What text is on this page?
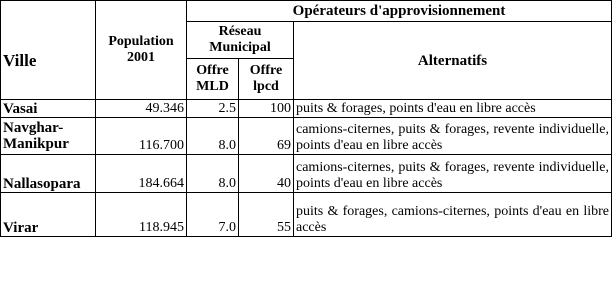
Ville	Population 2001	Opérateurs d'approvisionnement		
		Réseau Municipal		Alternatifs
		Offre MLD	Offre lpcd	
Vasai	49.346	2.5	100	puits & forages, points d'eau en libre accès
Navghar-Manikpur	116.700	8.0	69	camions-citernes, puits & forages, revente individuelle, points d'eau en libre accès
Nallasopara	184.664	8.0	40	camions-citernes, puits & forages, revente individuelle, points d'eau en libre accès
Virar	118.945	7.0	55	puits & forages, camions-citernes, points d'eau en libre accès
